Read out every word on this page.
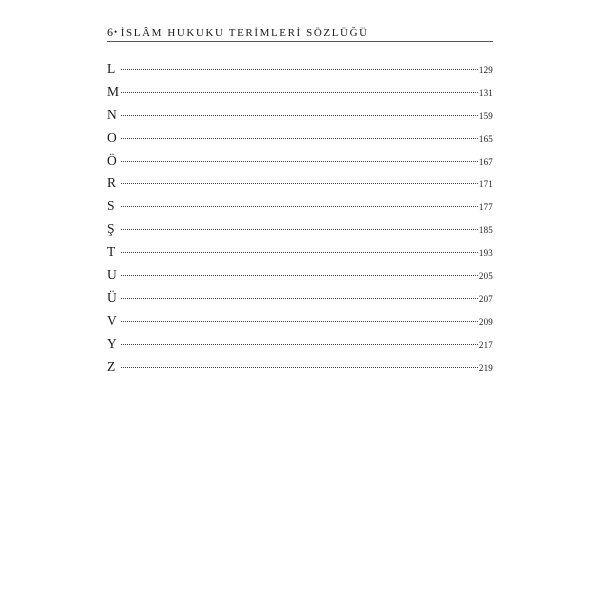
6• İSLÂM HUKUKU TERİMLERİ SÖZLÜĞÜ
L	129
M	131
N	159
O	165
Ö	167
R	171
S	177
Ş	185
T	193
U	205
Ü	207
V	209
Y	217
Z	219
